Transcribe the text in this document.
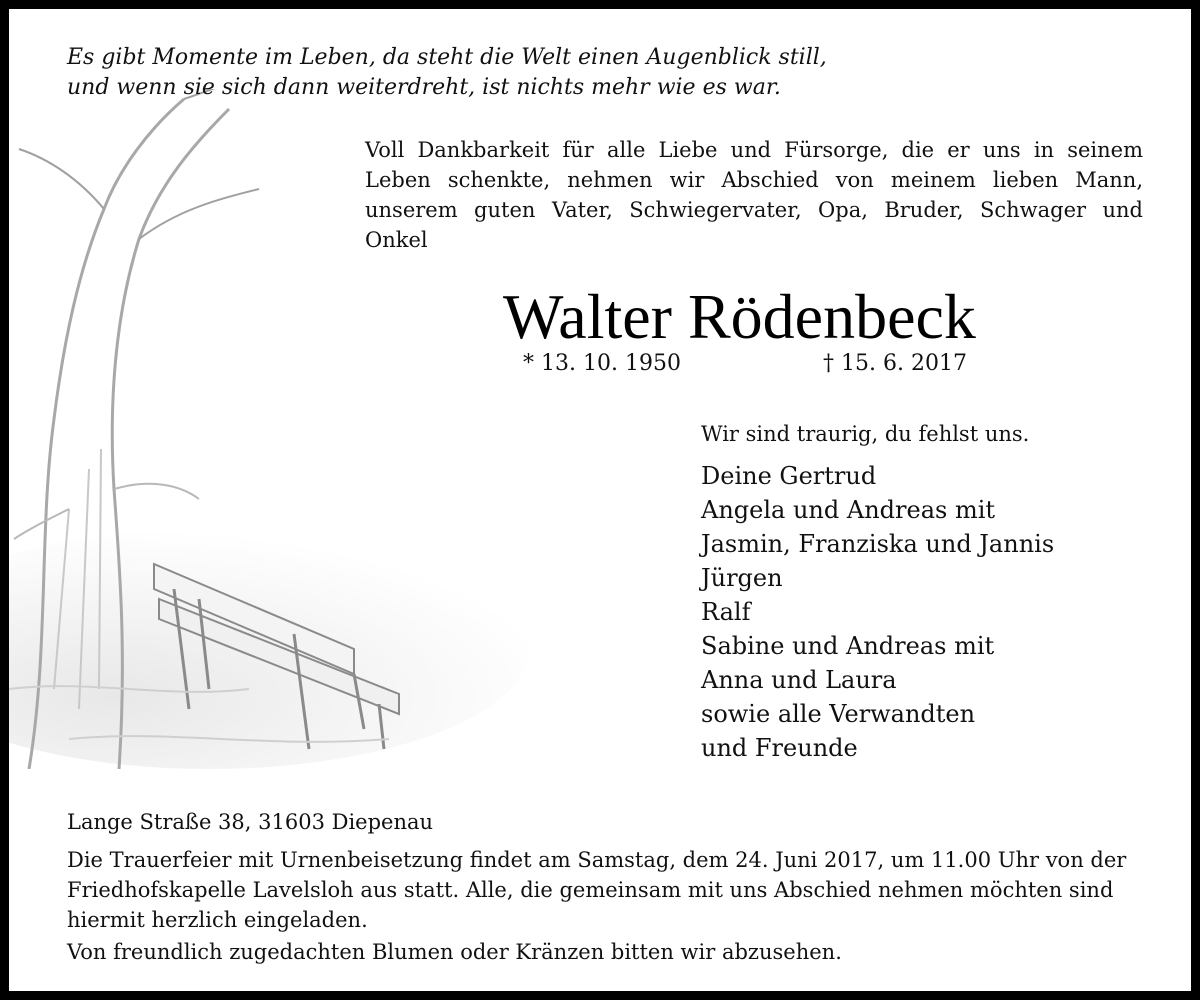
Es gibt Momente im Leben, da steht die Welt einen Augenblick still,

und wenn sie sich dann weiterdreht, ist nichts mehr wie es war.

Voll Dankbarkeit für alle Liebe und Fürsorge, die er uns in seinem Leben schenkte, nehmen wir Abschied von meinem lieben Mann, unserem guten Vater, Schwiegervater, Opa, Bruder, Schwager und Onkel

Walter Rödenbeck
* 13. 10. 1950	† 15. 6. 2017
Wir sind traurig, du fehlst uns.
Deine Gertrud
Angela und Andreas mit
Jasmin, Franziska und Jannis
Jürgen
Ralf
Sabine und Andreas mit
Anna und Laura
sowie alle Verwandten
und Freunde
Lange Straße 38, 31603 Diepenau

Die Trauerfeier mit Urnenbeisetzung findet am Samstag, dem 24. Juni 2017, um 11.00 Uhr von der Friedhofskapelle Lavelsloh aus statt. Alle, die gemeinsam mit uns Abschied nehmen möchten sind hiermit herzlich eingeladen.

Von freundlich zugedachten Blumen oder Kränzen bitten wir abzusehen.
